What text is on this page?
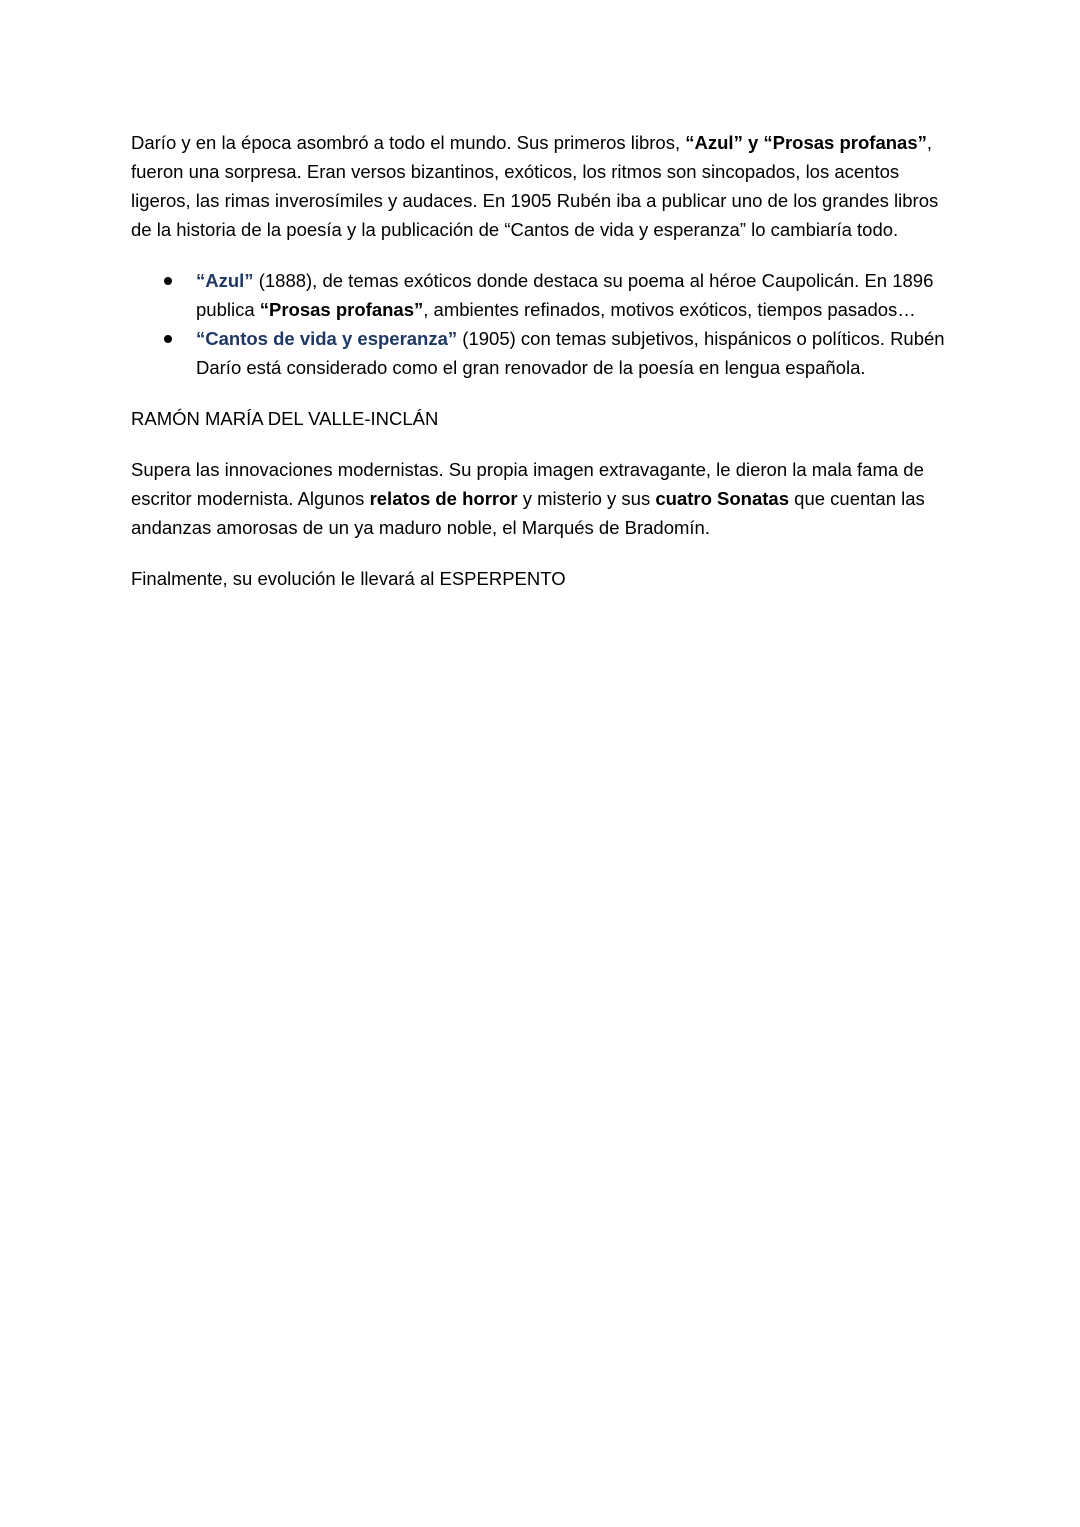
Darío y en la época asombró a todo el mundo. Sus primeros libros, “Azul” y “Prosas profanas”, fueron una sorpresa. Eran versos bizantinos, exóticos, los ritmos son sincopados, los acentos ligeros, las rimas inverosímiles y audaces. En 1905 Rubén iba a publicar uno de los grandes libros de la historia de la poesía y la publicación de “Cantos de vida y esperanza” lo cambiaría todo.

“Azul” (1888), de temas exóticos donde destaca su poema al héroe Caupolicán. En 1896 publica “Prosas profanas”, ambientes refinados, motivos exóticos, tiempos pasados…
“Cantos de vida y esperanza” (1905) con temas subjetivos, hispánicos o políticos. Rubén Darío está considerado como el gran renovador de la poesía en lengua española.

RAMÓN MARÍA DEL VALLE-INCLÁN

Supera las innovaciones modernistas. Su propia imagen extravagante, le dieron la mala fama de escritor modernista. Algunos relatos de horror y misterio y sus cuatro Sonatas que cuentan las andanzas amorosas de un ya maduro noble, el Marqués de Bradomín.

Finalmente, su evolución le llevará al ESPERPENTO
